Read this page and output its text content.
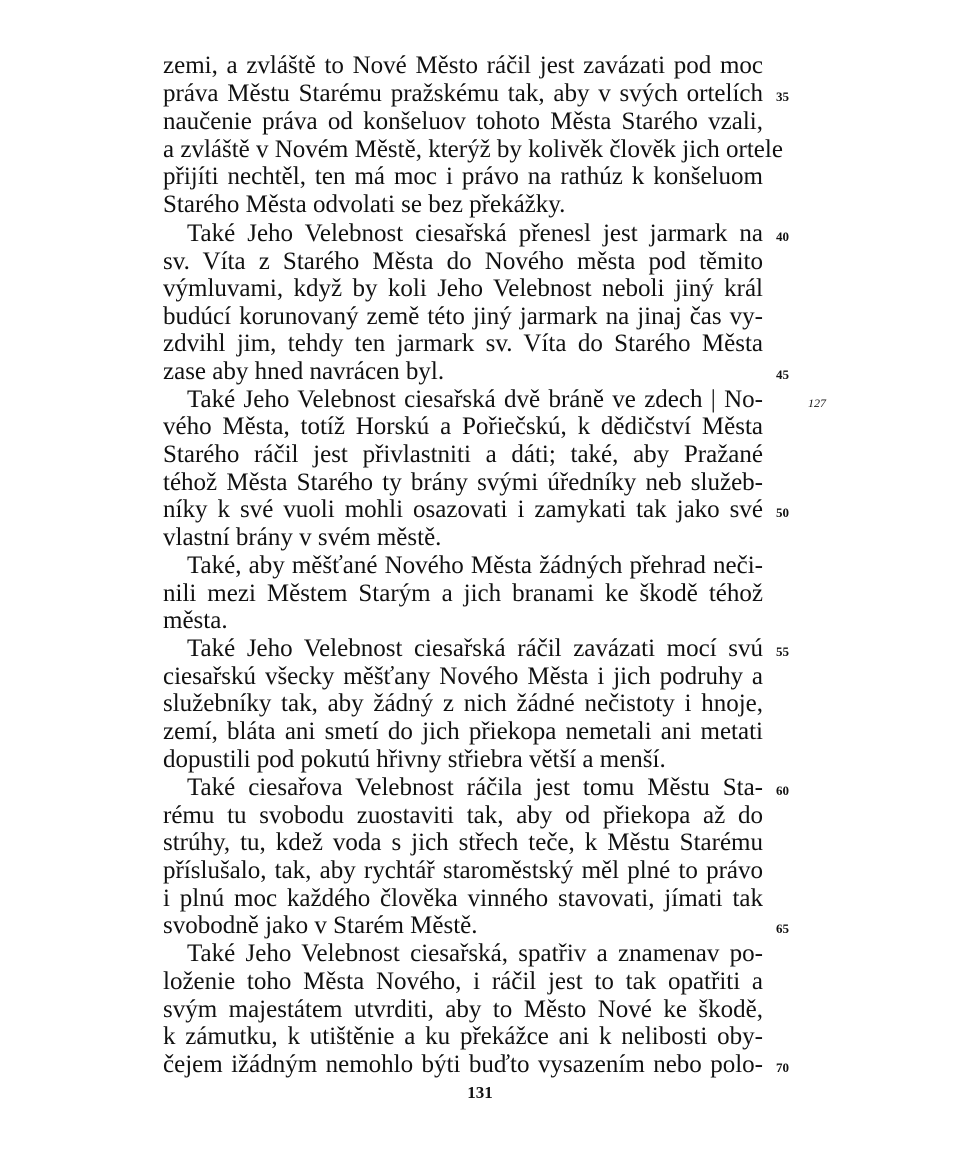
zemi, a zvláště to Nové Město ráčil jest zavázati pod moc
práva Městu Starému pražskému tak, aby v svých ortelích
naučenie práva od konšeluov tohoto Města Starého vzali,
a zvláště v Novém Městě, kterýž by kolivěk člověk jich ortele
přijíti nechtěl, ten má moc i právo na rathúz k konšeluom
Starého Města odvolati se bez překážky.
Také Jeho Velebnost ciesařská přenesl jest jarmark na
sv. Víta z Starého Města do Nového města pod těmito
výmluvami, když by koli Jeho Velebnost neboli jiný král
budúcí korunovaný země této jiný jarmark na jinaj čas vy-
zdvihl jim, tehdy ten jarmark sv. Víta do Starého Města
zase aby hned navrácen byl.
Také Jeho Velebnost ciesařská dvě bráně ve zdech | No-
vého Města, totíž Horskú a Pořiečskú, k dědičství Města
Starého ráčil jest přivlastniti a dáti; také, aby Pražané
téhož Města Starého ty brány svými úředníky neb služeb-
níky k své vuoli mohli osazovati i zamykati tak jako své
vlastní brány v svém městě.
Také, aby měšťané Nového Města žádných přehrad neči-
nili mezi Městem Starým a jich branami ke škodě téhož
města.
Také Jeho Velebnost ciesařská ráčil zavázati mocí svú
ciesařskú všecky měšťany Nového Města i jich podruhy a
služebníky tak, aby žádný z nich žádné nečistoty i hnoje,
zemí, bláta ani smetí do jich přiekopa nemetali ani metati
dopustili pod pokutú hřivny střiebra větší a menší.
Také ciesařova Velebnost ráčila jest tomu Městu Sta-
rému tu svobodu zuostaviti tak, aby od přiekopa až do
strúhy, tu, kdež voda s jich střech teče, k Městu Starému
příslušalo, tak, aby rychtář staroměstský měl plné to právo
i plnú moc každého člověka vinného stavovati, jímati tak
svobodně jako v Starém Městě.
Také Jeho Velebnost ciesařská, spatřiv a znamenav po-
loženie toho Města Nového, i ráčil jest to tak opatřiti a
svým majestátem utvrditi, aby to Město Nové ke škodě,
k zámutku, k utištěnie a ku překážce ani k nelibosti oby-
čejem ižádným nemohlo býti buďto vysazením nebo polo-
35
40
45
50
55
60
65
70
127
131
